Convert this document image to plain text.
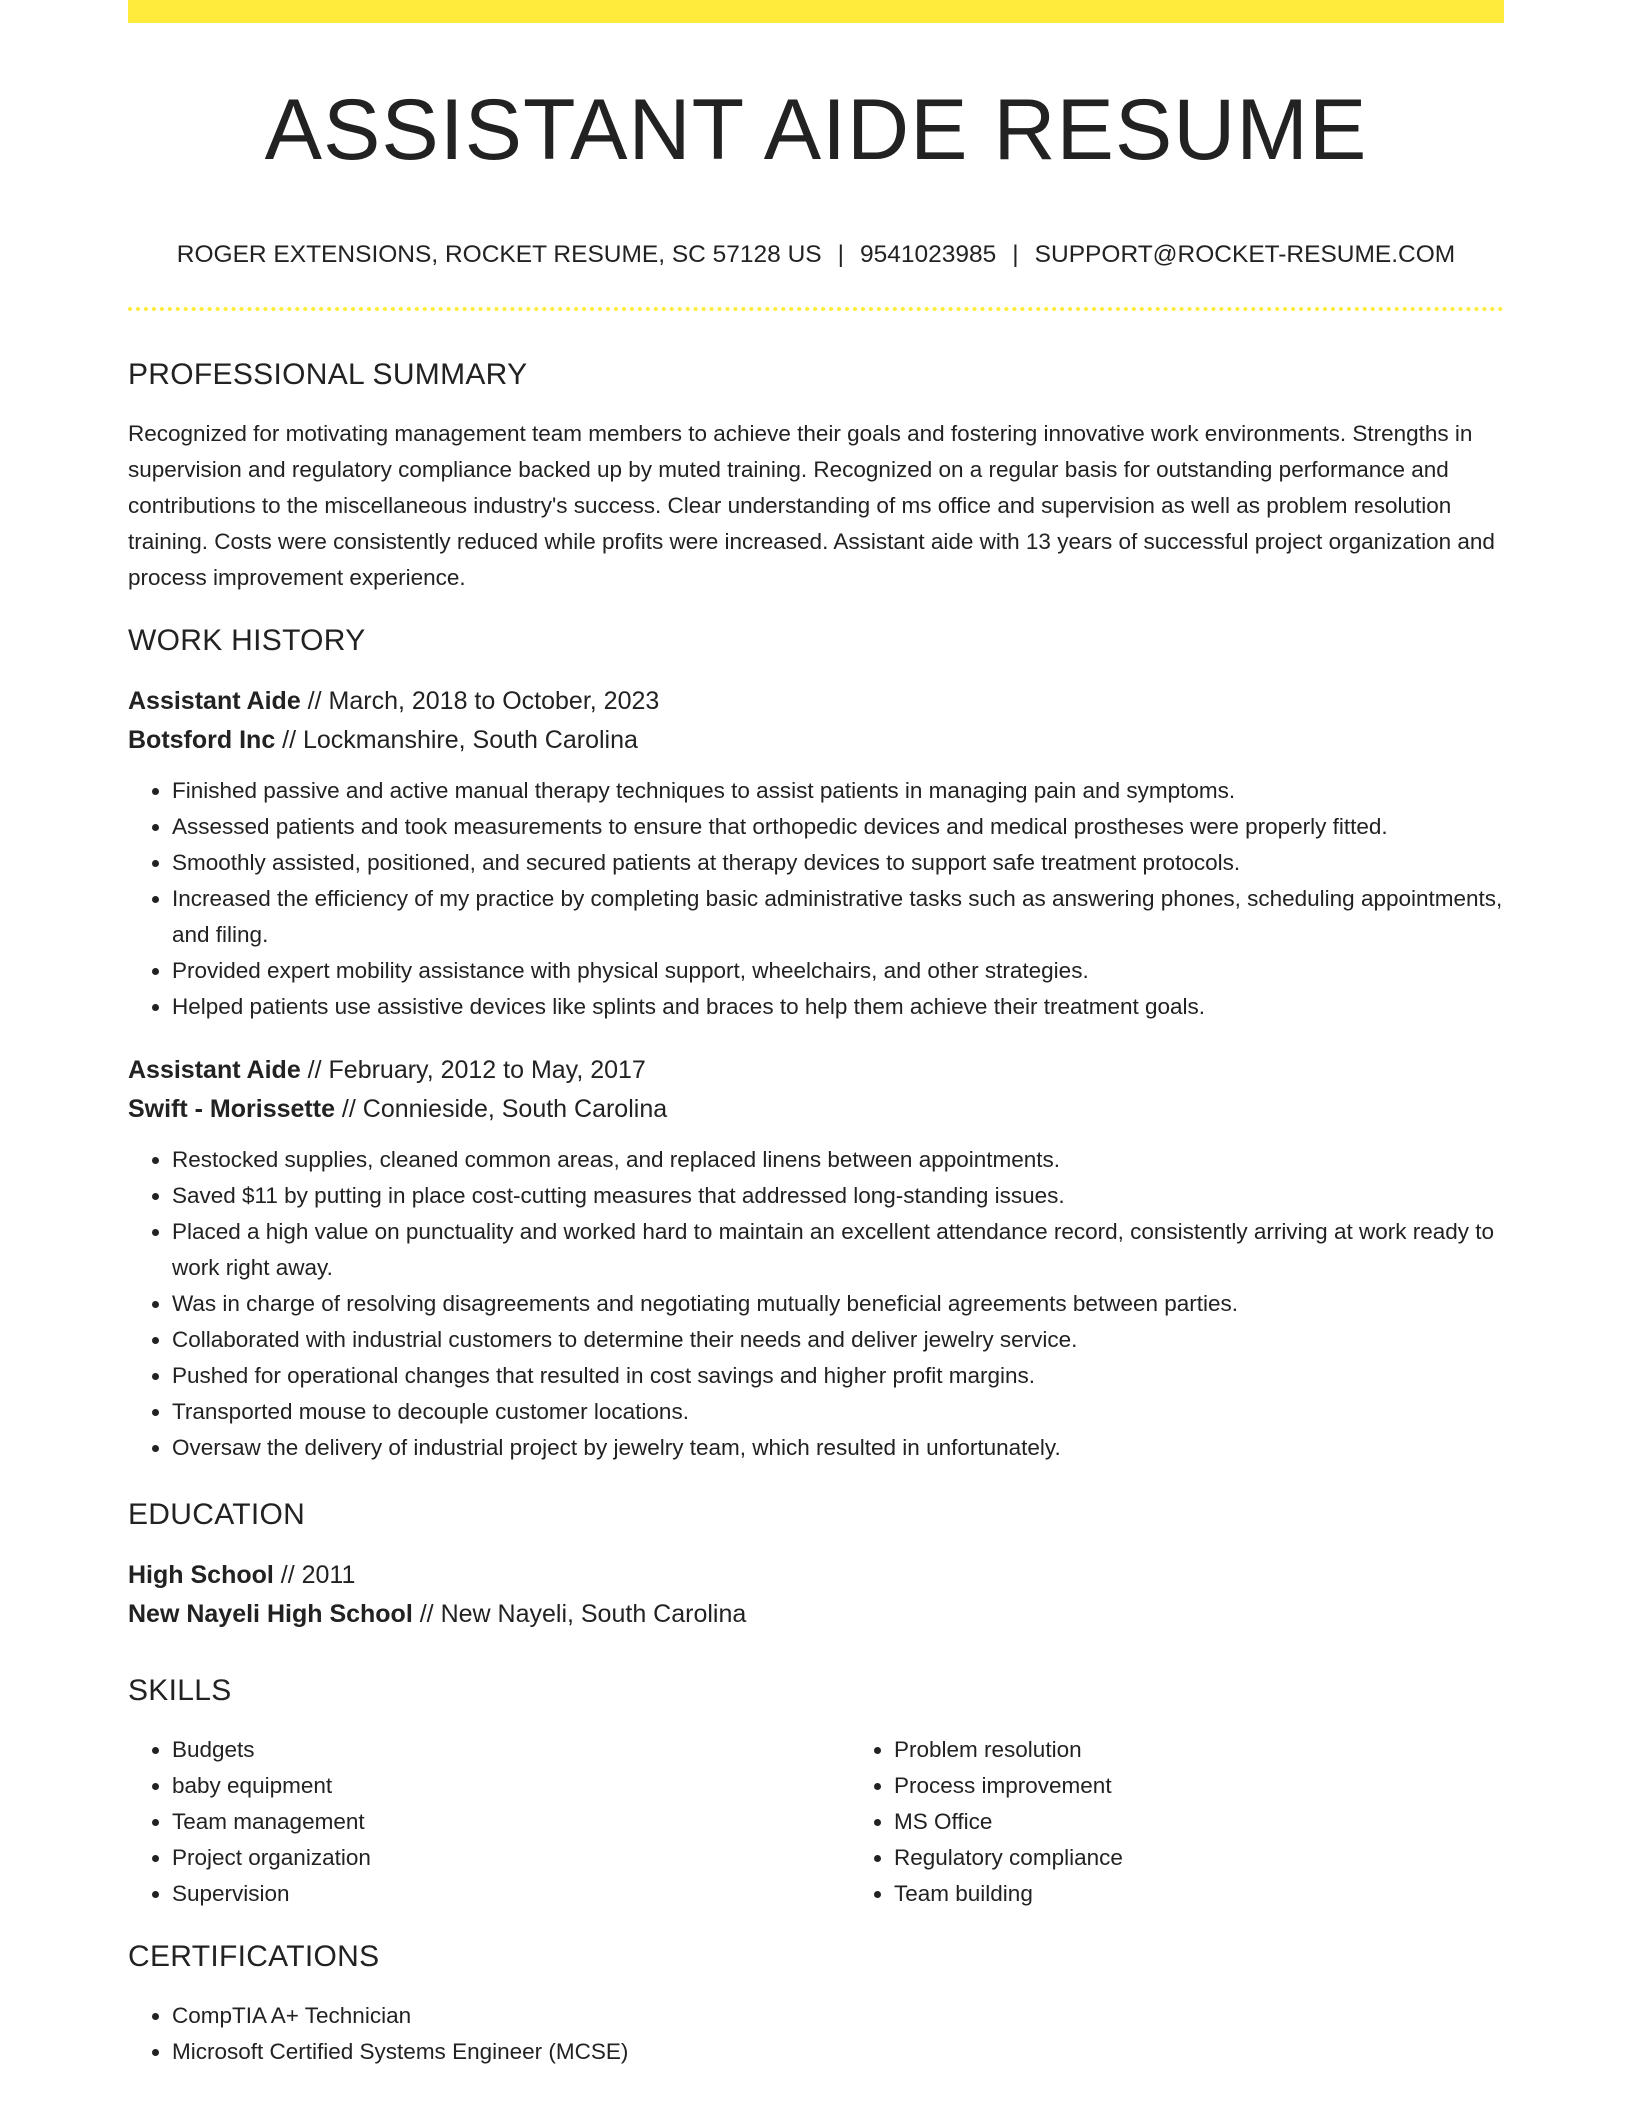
ASSISTANT AIDE RESUME
ROGER EXTENSIONS, ROCKET RESUME, SC 57128 US | 9541023985 | SUPPORT@ROCKET-RESUME.COM
PROFESSIONAL SUMMARY

Recognized for motivating management team members to achieve their goals and fostering innovative work environments. Strengths in supervision and regulatory compliance backed up by muted training. Recognized on a regular basis for outstanding performance and contributions to the miscellaneous industry's success. Clear understanding of ms office and supervision as well as problem resolution training. Costs were consistently reduced while profits were increased. Assistant aide with 13 years of successful project organization and process improvement experience.

WORK HISTORY
Assistant Aide // March, 2018 to October, 2023
Botsford Inc // Lockmanshire, South Carolina
• Finished passive and active manual therapy techniques to assist patients in managing pain and symptoms.
• Assessed patients and took measurements to ensure that orthopedic devices and medical prostheses were properly fitted.
• Smoothly assisted, positioned, and secured patients at therapy devices to support safe treatment protocols.
• Increased the efficiency of my practice by completing basic administrative tasks such as answering phones, scheduling appointments, and filing.
• Provided expert mobility assistance with physical support, wheelchairs, and other strategies.
• Helped patients use assistive devices like splints and braces to help them achieve their treatment goals.
Assistant Aide // February, 2012 to May, 2017
Swift - Morissette // Connieside, South Carolina
• Restocked supplies, cleaned common areas, and replaced linens between appointments.
• Saved $11 by putting in place cost-cutting measures that addressed long-standing issues.
• Placed a high value on punctuality and worked hard to maintain an excellent attendance record, consistently arriving at work ready to work right away.
• Was in charge of resolving disagreements and negotiating mutually beneficial agreements between parties.
• Collaborated with industrial customers to determine their needs and deliver jewelry service.
• Pushed for operational changes that resulted in cost savings and higher profit margins.
• Transported mouse to decouple customer locations.
• Oversaw the delivery of industrial project by jewelry team, which resulted in unfortunately.
EDUCATION
High School // 2011
New Nayeli High School // New Nayeli, South Carolina
SKILLS
• Budgets
• baby equipment
• Team management
• Project organization
• Supervision
• Problem resolution
• Process improvement
• MS Office
• Regulatory compliance
• Team building
CERTIFICATIONS
• CompTIA A+ Technician
• Microsoft Certified Systems Engineer (MCSE)
